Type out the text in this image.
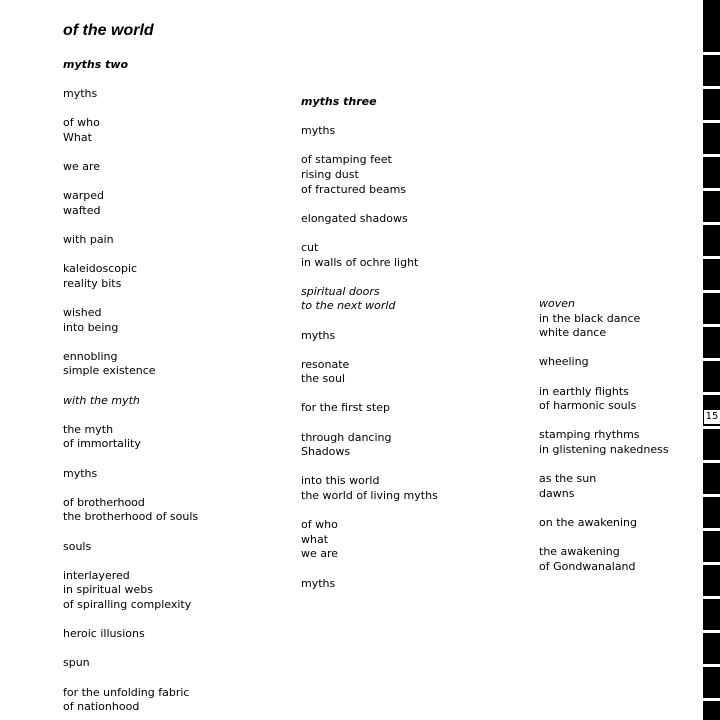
of the world
myths two
myths
of who
What
we are
warped
wafted
with pain
kaleidoscopic
reality bits
wished
into being
ennobling
simple existence
with the myth
the myth
of immortality
myths
of brotherhood
the brotherhood of souls
souls
interlayered
in spiritual webs
of spiralling complexity
heroic illusions
spun
for the unfolding fabric
of nationhood
myths three
myths
of stamping feet
rising dust
of fractured beams
elongated shadows
cut
in walls of ochre light
spiritual doors
to the next world
myths
resonate
the soul
for the first step
through dancing
Shadows
into this world
the world of living myths
of who
what
we are
myths
woven
in the black dance
white dance
wheeling
in earthly flights
of harmonic souls
stamping rhythms
in glistening nakedness
as the sun
dawns
on the awakening
the awakening
of Gondwanaland
15
